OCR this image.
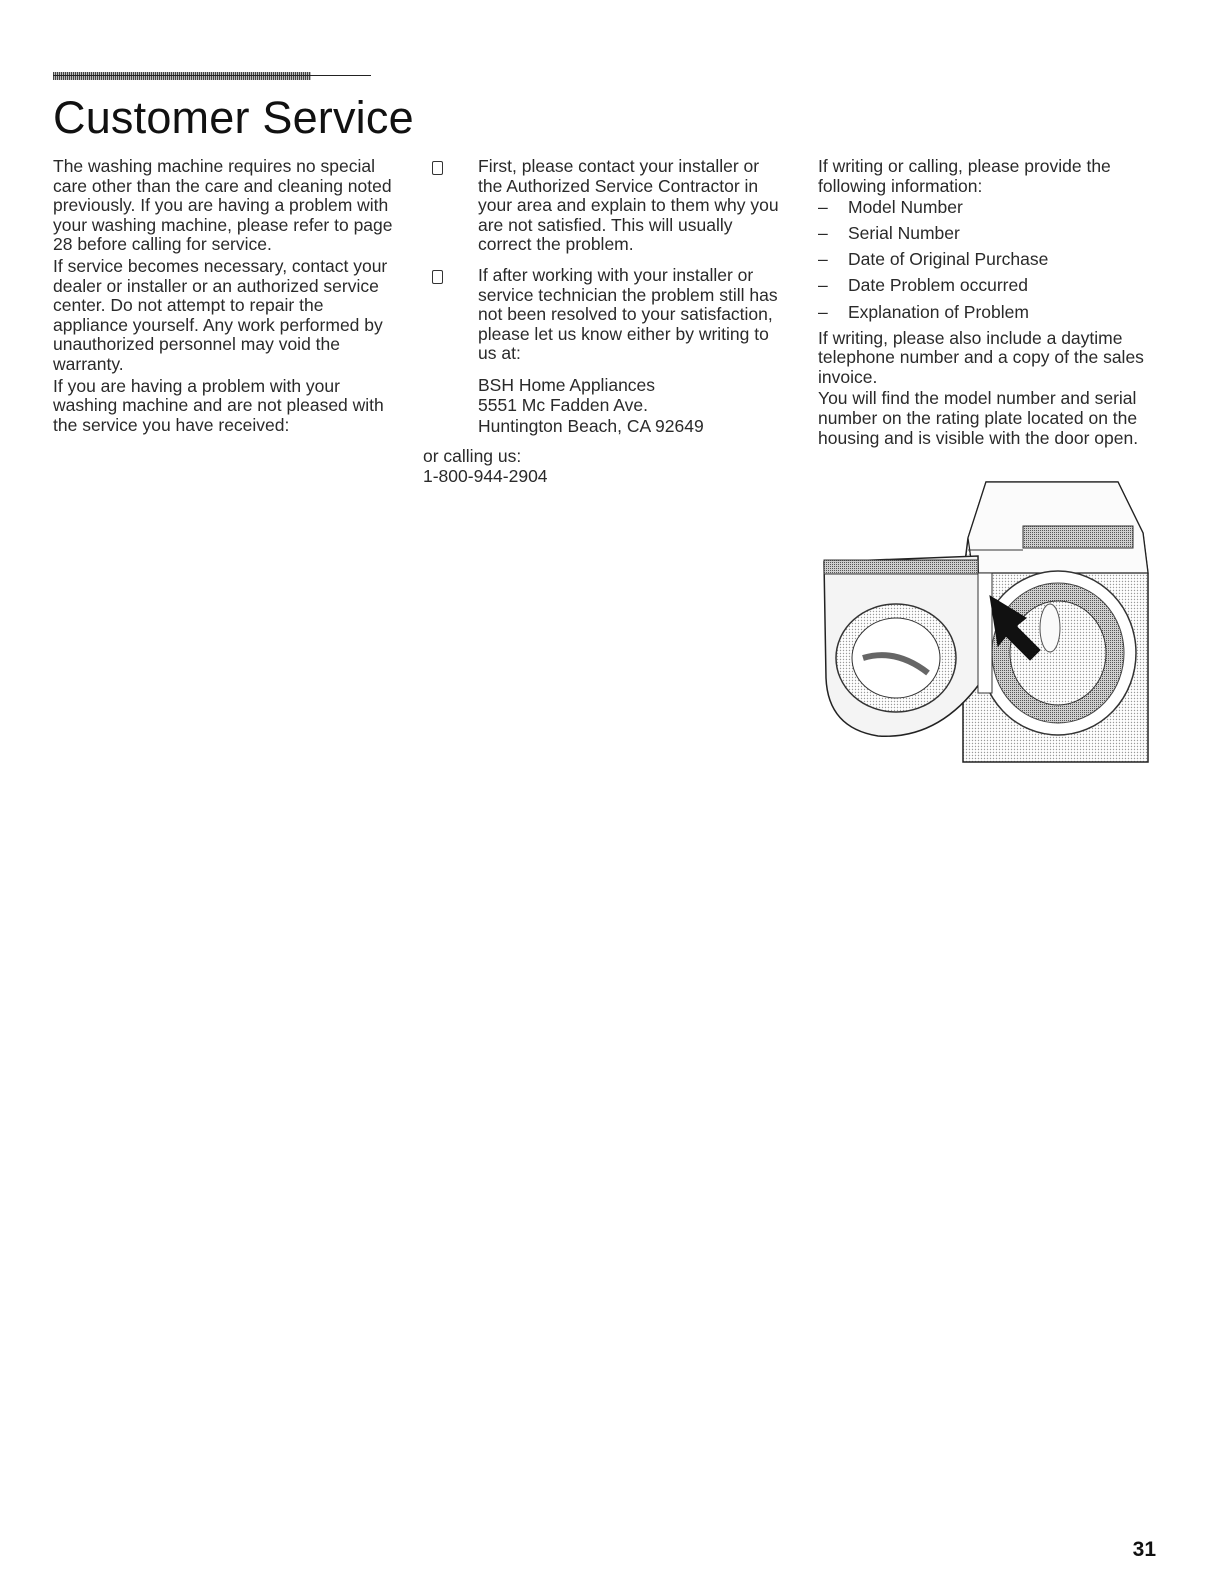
Customer Service

The washing machine requires no special care other than the care and cleaning noted previously. If you are having a problem with your washing machine, please refer to page 28 before calling for service.

If service becomes necessary, contact your dealer or installer or an authorized service center. Do not attempt to repair the appliance yourself. Any work performed by unauthorized personnel may void the warranty.

If you are having a problem with your washing machine and are not pleased with the service you have received:

First, please contact your installer or the Authorized Service Contractor in your area and explain to them why you are not satisfied. This will usually correct the problem.
If after working with your installer or service technician the problem still has not been resolved to your satisfaction, please let us know either by writing to us at:
BSH Home Appliances
5551 Mc Fadden Ave.
Huntington Beach, CA 92649
or calling us:
1-800-944-2904

If writing or calling, please provide the following information:

– Model Number
– Serial Number
– Date of Original Purchase
– Date Problem occurred
– Explanation of Problem

If writing, please also include a daytime telephone number and a copy of the sales invoice.

You will find the model number and serial number on the rating plate located on the housing and is visible with the door open.

31
